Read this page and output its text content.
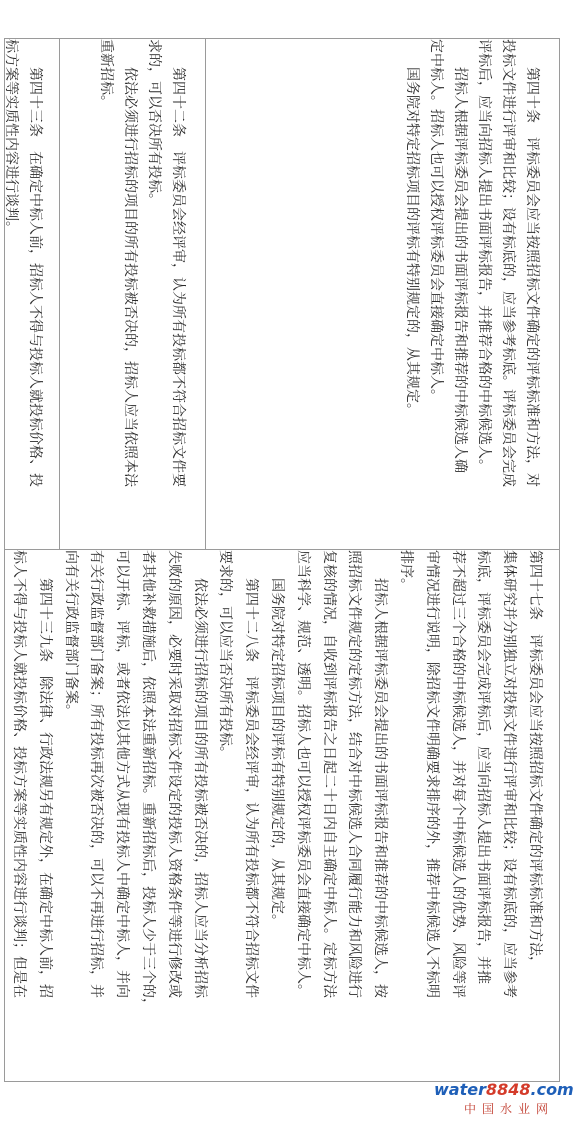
第四十三条　在确定中标人前，招标人不得与投标人就投标价格、投

标方案等实质性内容进行谈判。	第四十二条　评标委员会经评审，认为所有投标都不符合招标文件要

求的，可以否决所有投标。

依法必须进行招标的项目的所有投标被否决的，招标人应当依照本法

重新招标。	第四十条　评标委员会应当按照招标文件确定的评标标准和方法，对

投标文件进行评审和比较；设有标底的，应当参考标底。评标委员会完成

评标后，应当向招标人提出书面评标报告，并推荐合格的中标候选人。

招标人根据评标委员会提出的书面评标报告和推荐的中标候选人确

定中标人。招标人也可以授权评标委员会直接确定中标人。

国务院对特定招标项目的评标有特别规定的，从其规定。

第四十七条　评标委员会应当按照招标文件确定的评标标准和方法，

集体研究并分别独立对投标文件进行评审和比较；设有标底的，应当参考

标底，评标委员会完成评标后，应当向招标人提出书面评标报告，并推

荐不超过三个合格的中标候选人，并对每个中标候选人的优势、风险等评

审情况进行说明，除招标文件明确要求排序的外，推荐中标候选人不标明

排序。

招标人根据评标委员会提出的书面评标报告和推荐的中标候选人，按

照招标文件规定的定标方法，结合对中标候选人合同履行能力和风险进行

复核的情况，自收到评标报告之日起二十日内自主确定中标人。定标方法

应当科学、规范、透明。招标人也可以授权评标委员会直接确定中标人。

国务院对特定招标项目的评标有特别规定的，从其规定。

第四十二八条　评标委员会经评审，认为所有投标都不符合招标文件

要求的，可以应当否决所有投标。

依法必须进行招标的项目的所有投标被否决的，招标人应当分析招标

失败的原因，必要时采取对招标文件设定的投标人资格条件等进行修改或

者其他补救措施后，依照本法重新招标。重新招标后，投标人少于三个的，

可以开标、评标，或者依法以其他方式从现有投标人中确定中标人，并向

有关行政监督部门备案；所有投标再次被否决的，可以不再进行招标，并

向有关行政监督部门备案。

第四十三九条　除法律、行政法规另有规定外，在确定中标人前，招

标人不得与投标人就投标价格、投标方案等实质性内容进行谈判；但是在

water8848.com
中国水业网
